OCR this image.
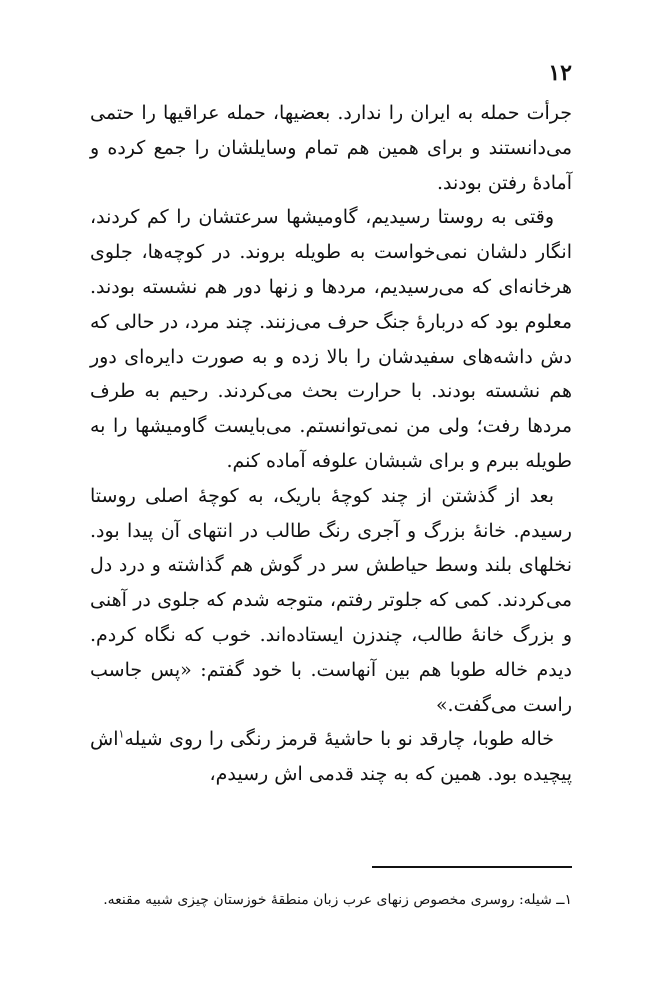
۱۲

جرأت حمله به ایران را ندارد. بعضیها، حمله عراقیها را حتمی می‌دانستند و برای همین هم تمام وسایلشان را جمع کرده و آمادهٔ رفتن بودند.

وقتی به روستا رسیدیم، گاومیشها سرعتشان را کم کردند، انگار دلشان نمی‌خواست به طویله بروند. در کوچه‌ها، جلوی هرخانه‌ای که می‌رسیدیم، مردها و زنها دور هم نشسته بودند. معلوم بود که دربارهٔ جنگ حرف می‌زنند. چند مرد، در حالی که دش داشه‌های سفیدشان را بالا زده و به صورت دایره‌ای دور هم نشسته بودند. با حرارت بحث می‌کردند. رحیم به طرف مردها رفت؛ ولی من نمی‌توانستم. می‌بایست گاومیشها را به طویله ببرم و برای شبشان علوفه آماده کنم.

بعد از گذشتن از چند کوچهٔ باریک، به کوچهٔ اصلی روستا رسیدم. خانهٔ بزرگ و آجری رنگ طالب در انتهای آن پیدا بود. نخلهای بلند وسط حیاطش سر در گوش هم گذاشته و درد دل می‌کردند. کمی که جلوتر رفتم، متوجه شدم که جلوی در آهنی و بزرگ خانهٔ طالب، چندزن ایستاده‌اند. خوب که نگاه کردم. دیدم خاله طوبا هم بین آنهاست. با خود گفتم: «پس جاسب راست می‌گفت.»

خاله طوبا، چارقد نو با حاشیهٔ قرمز رنگی را روی شیله$^۱$اش پیچیده بود. همین که به چند قدمی اش رسیدم،

۱ــ شیله: روسری مخصوص زنهای عرب زبان منطقهٔ خوزستان چیزی شبیه مقنعه.
